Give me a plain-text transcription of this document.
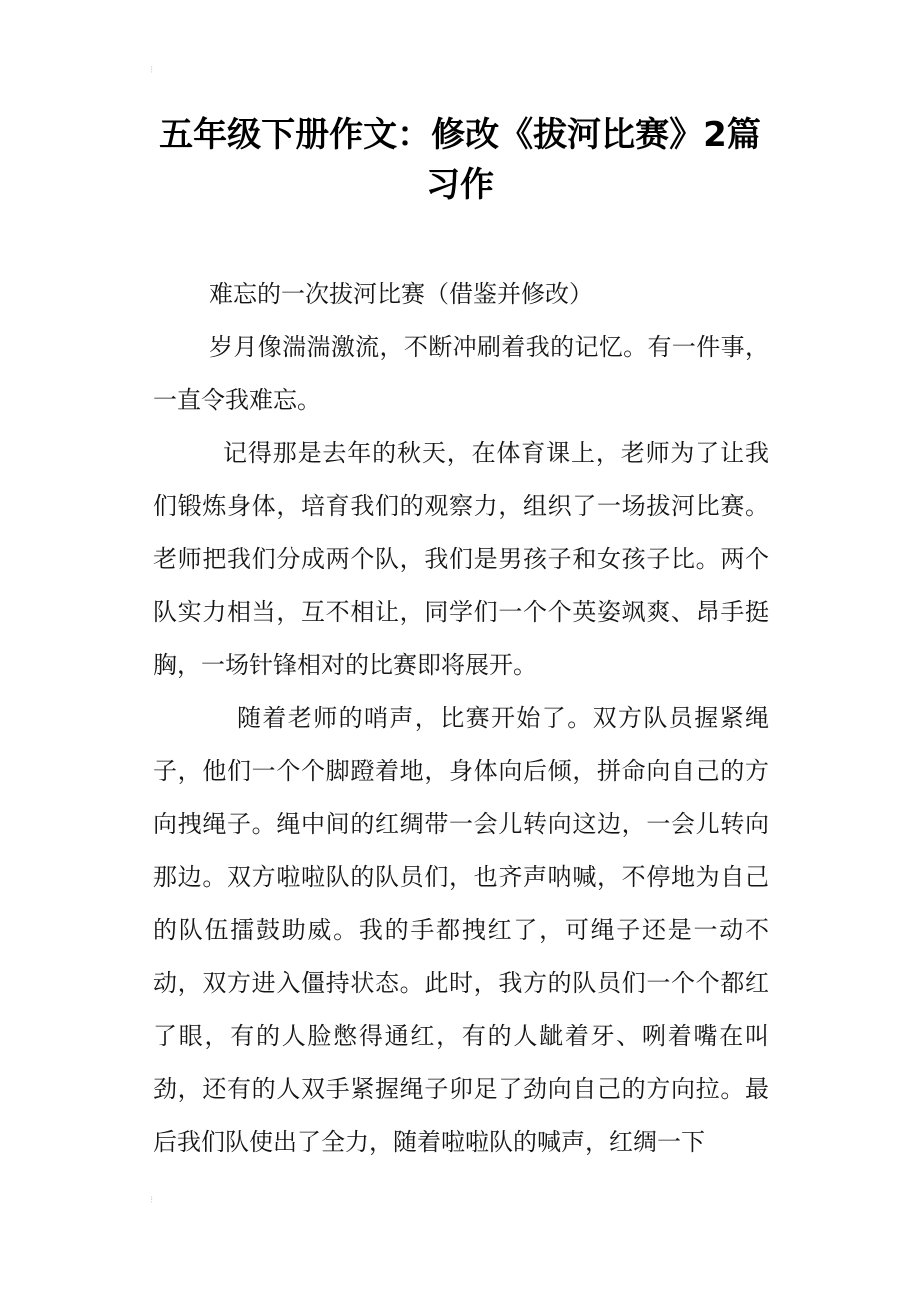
⁝
五年级下册作文：修改《拔河比赛》2篇习作

难忘的一次拔河比赛（借鉴并修改）

岁月像湍湍激流，不断冲刷着我的记忆。有一件事，一直令我难忘。

记得那是去年的秋天，在体育课上，老师为了让我们锻炼身体，培育我们的观察力，组织了一场拔河比赛。老师把我们分成两个队，我们是男孩子和女孩子比。两个队实力相当，互不相让，同学们一个个英姿飒爽、昂手挺胸，一场针锋相对的比赛即将展开。

随着老师的哨声，比赛开始了。双方队员握紧绳子，他们一个个脚蹬着地，身体向后倾，拼命向自己的方向拽绳子。绳中间的红绸带一会儿转向这边，一会儿转向那边。双方啦啦队的队员们，也齐声呐喊，不停地为自己的队伍擂鼓助威。我的手都拽红了，可绳子还是一动不动，双方进入僵持状态。此时，我方的队员们一个个都红了眼，有的人脸憋得通红，有的人龇着牙、咧着嘴在叫劲，还有的人双手紧握绳子卯足了劲向自己的方向拉。最后我们队使出了全力，随着啦啦队的喊声，红绸一下

⁝
